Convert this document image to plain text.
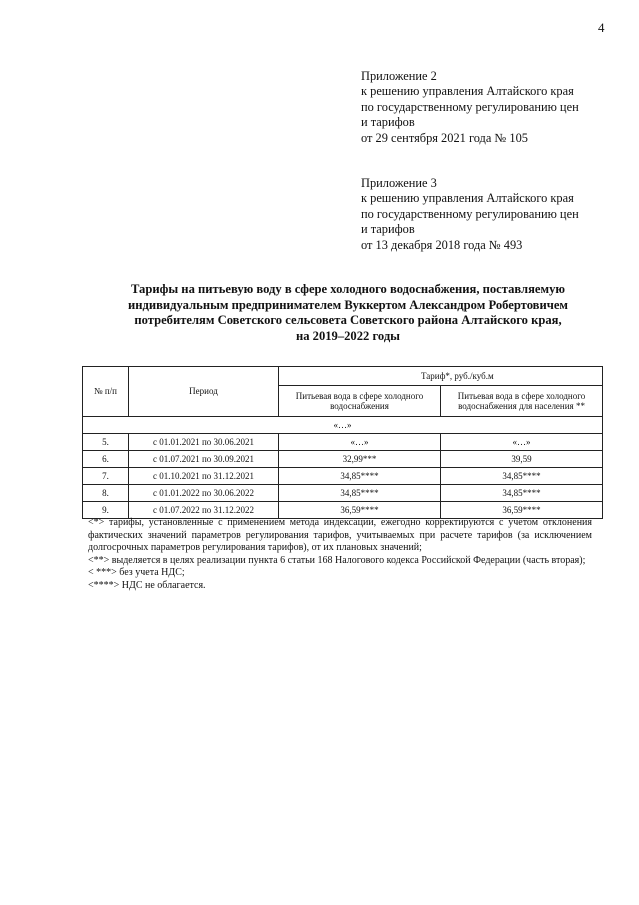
4
Приложение 2
к решению управления Алтайского края
по государственному регулированию цен
и тарифов
от 29 сентября 2021 года № 105
Приложение 3
к решению управления Алтайского края
по государственному регулированию цен
и тарифов
от 13 декабря 2018 года № 493
Тарифы на питьевую воду в сфере холодного водоснабжения, поставляемую
индивидуальным предпринимателем Вуккертом Александром Робертовичем
потребителям Советского сельсовета Советского района Алтайского края,
на 2019–2022 годы
№ п/п	Период	Тариф*, руб./куб.м	
		Питьевая вода в сфере холодного водоснабжения	Питьевая вода в сфере холодного водоснабжения для населения **
«…»			
5.	с 01.01.2021 по 30.06.2021	«…»	«…»
6.	с 01.07.2021 по 30.09.2021	32,99***	39,59
7.	с 01.10.2021 по 31.12.2021	34,85****	34,85****
8.	с 01.01.2022 по 30.06.2022	34,85****	34,85****
9.	с 01.07.2022 по 31.12.2022	36,59****	36,59****

<*> тарифы, установленные с применением метода индексации, ежегодно корректируются с учетом отклонения фактических значений параметров регулирования тарифов, учитываемых при расчете тарифов (за исключением долгосрочных параметров регулирования тарифов), от их плановых значений;

<**> выделяется в целях реализации пункта 6 статьи 168 Налогового кодекса Российской Федерации (часть вторая);

< ***> без учета НДС;

<****> НДС не облагается.
